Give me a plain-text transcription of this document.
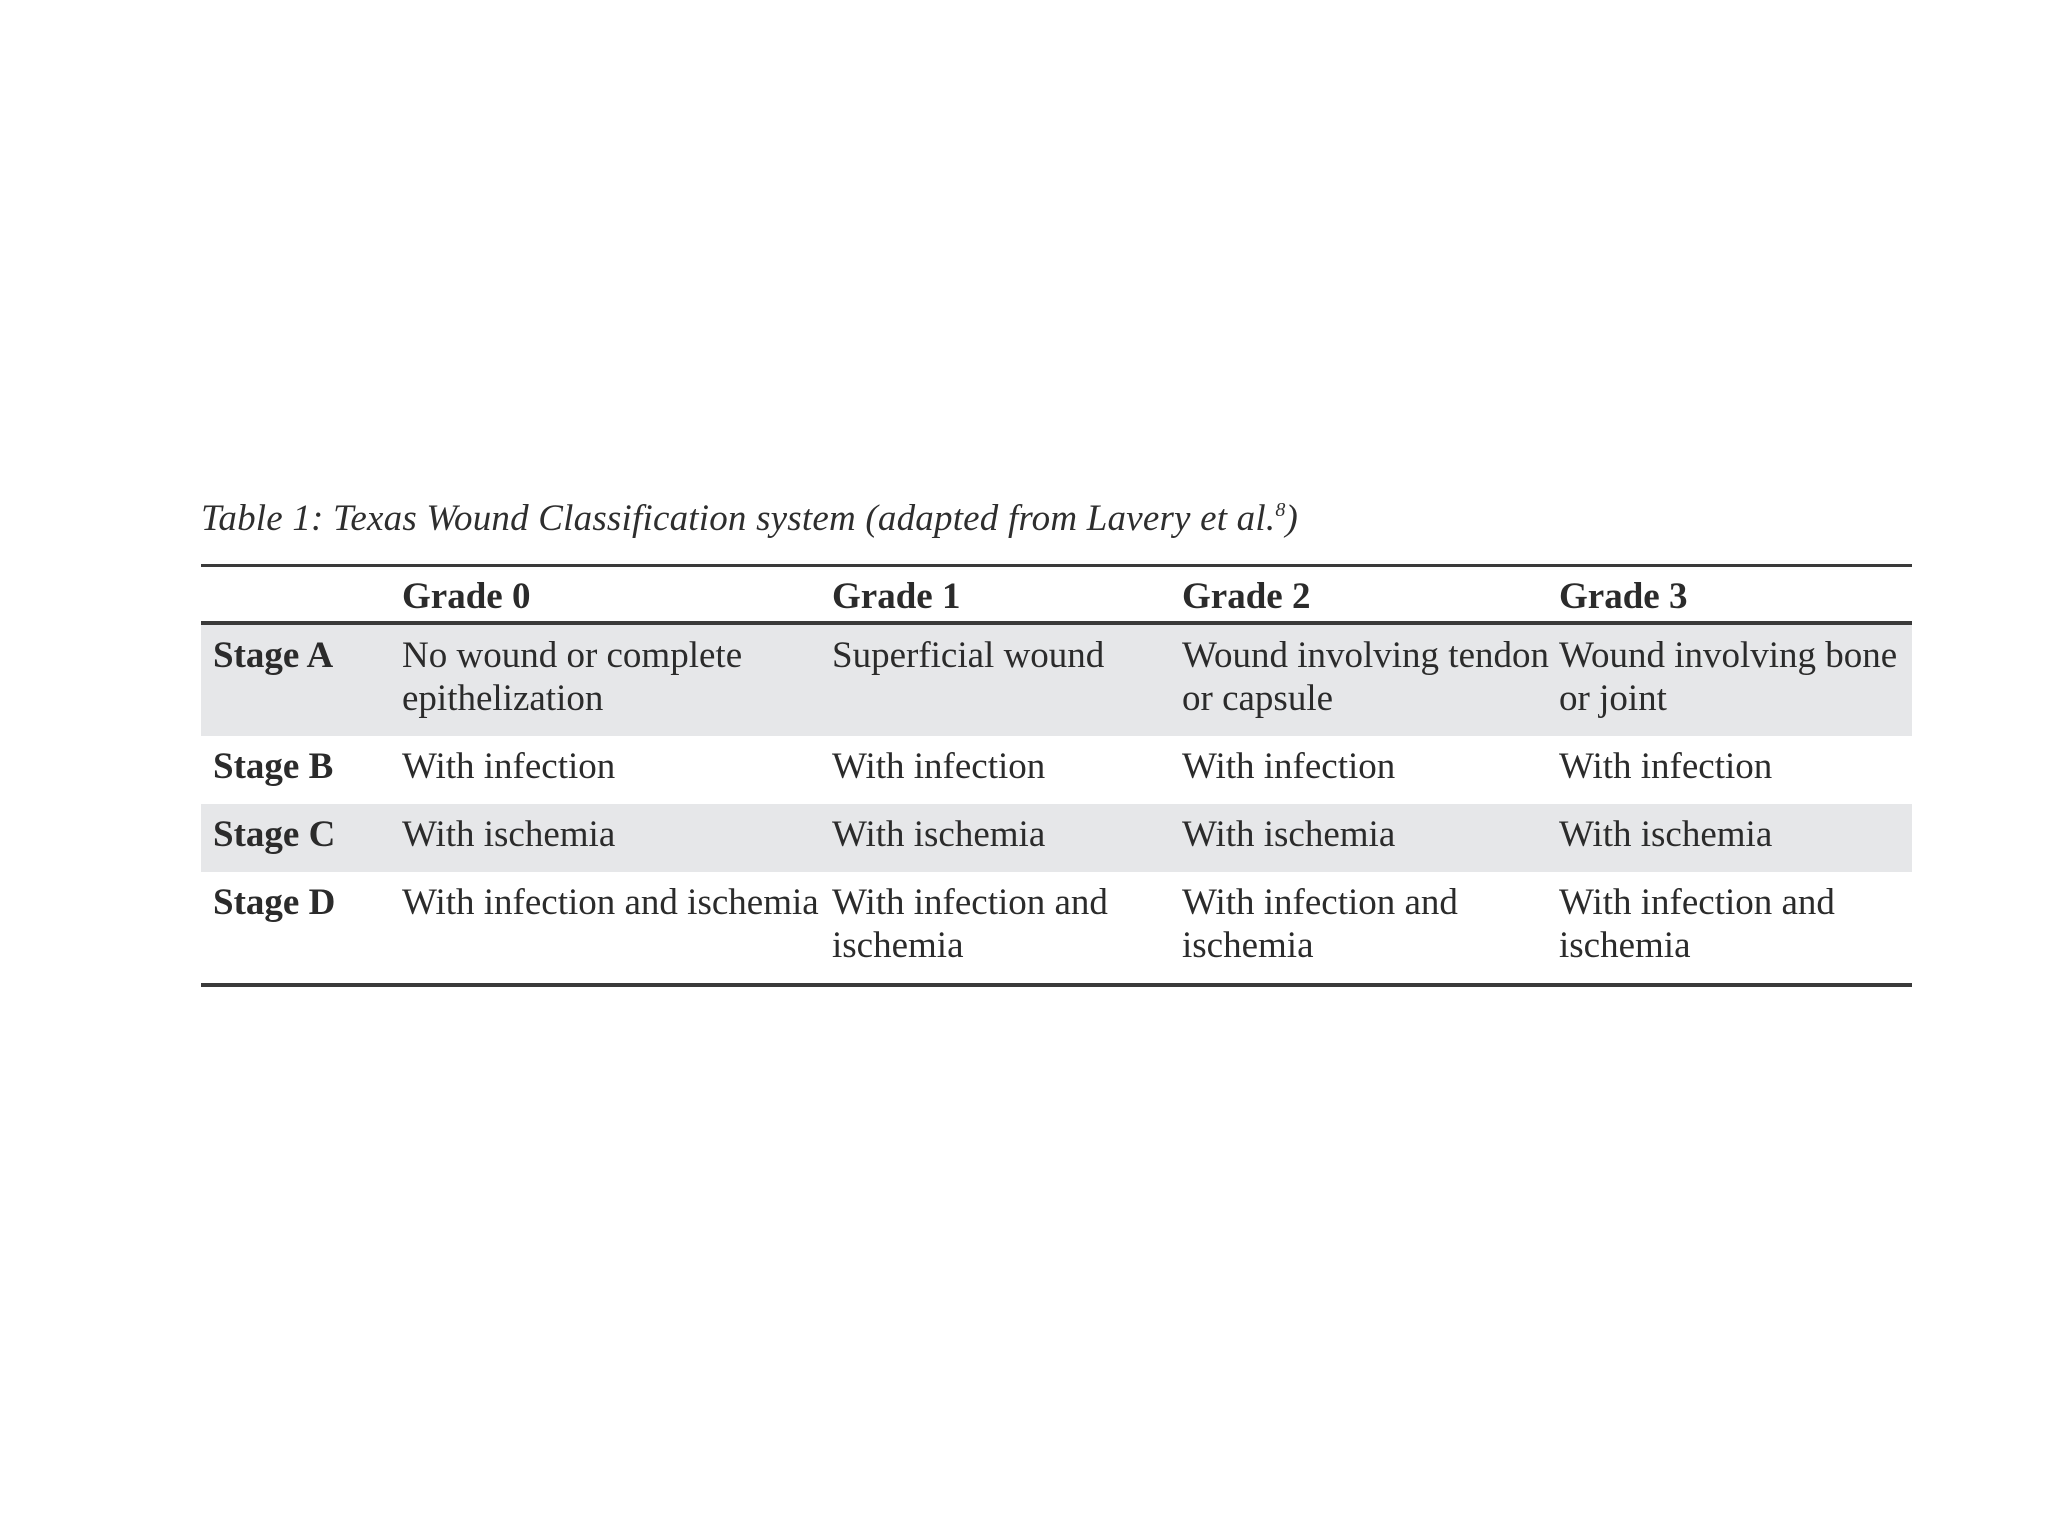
Table 1: Texas Wound Classification system (adapted from Lavery et al.$^8$)
	Grade 0	Grade 1	Grade 2	Grade 3
Stage A	No wound or complete epithelization	Superficial wound	Wound involving tendon or capsule	Wound involving bone or joint
Stage B	With infection	With infection	With infection	With infection
Stage C	With ischemia	With ischemia	With ischemia	With ischemia
Stage D	With infection and ischemia	With infection and ischemia	With infection and ischemia	With infection and ischemia
